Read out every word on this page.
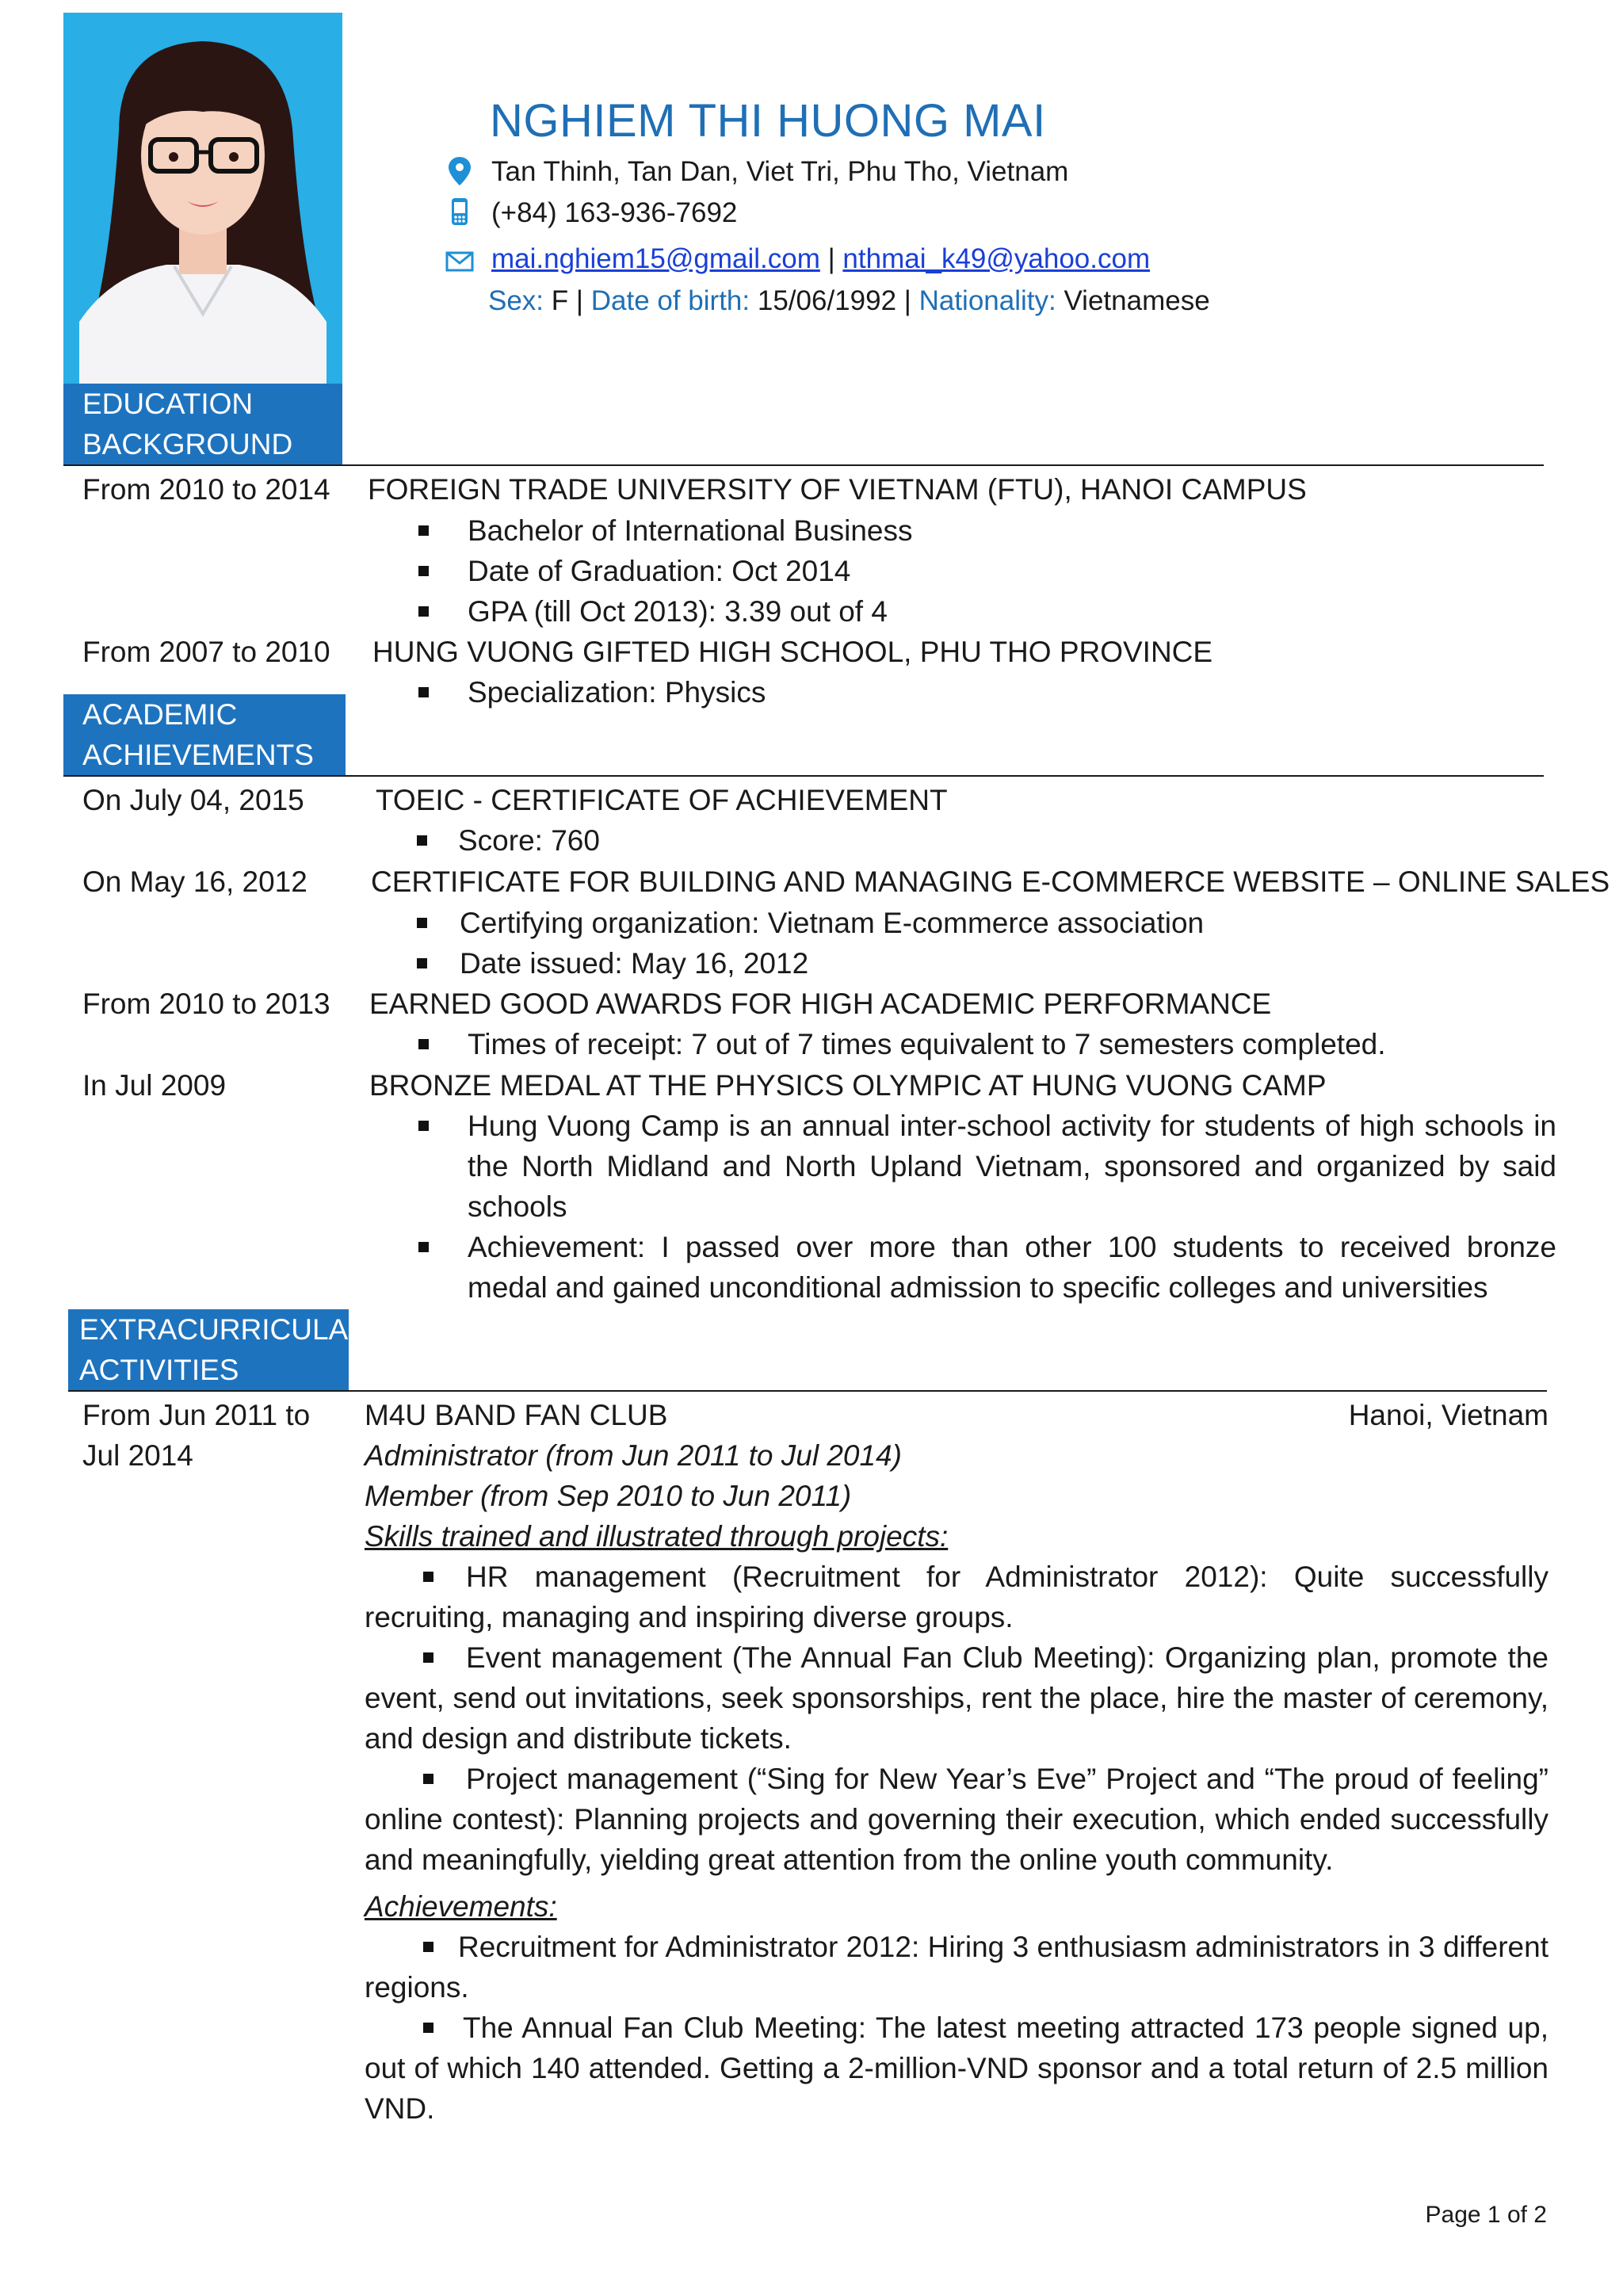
NGHIEM THI HUONG MAI
Tan Thinh, Tan Dan, Viet Tri, Phu Tho, Vietnam
(+84) 163-936-7692
mai.nghiem15@gmail.com | nthmai_k49@yahoo.com
Sex: F | Date of birth: 15/06/1992 | Nationality: Vietnamese
EDUCATION
BACKGROUND
From 2010 to 2014 FOREIGN TRADE UNIVERSITY OF VIETNAM (FTU), HANOI CAMPUS
Bachelor of International Business
Date of Graduation: Oct 2014
GPA (till Oct 2013): 3.39 out of 4
From 2007 to 2010 HUNG VUONG GIFTED HIGH SCHOOL, PHU THO PROVINCE
Specialization: Physics
ACADEMIC
ACHIEVEMENTS
On July 04, 2015 TOEIC - CERTIFICATE OF ACHIEVEMENT
Score: 760
On May 16, 2012 CERTIFICATE FOR BUILDING AND MANAGING E-COMMERCE WEBSITE – ONLINE SALES
Certifying organization: Vietnam E-commerce association
Date issued: May 16, 2012
From 2010 to 2013 EARNED GOOD AWARDS FOR HIGH ACADEMIC PERFORMANCE
Times of receipt: 7 out of 7 times equivalent to 7 semesters completed.
In Jul 2009	BRONZE MEDAL AT THE PHYSICS OLYMPIC AT HUNG VUONG CAMP
Hung Vuong Camp is an annual inter-school activity for students of high schools in the North Midland and North Upland Vietnam, sponsored and organized by said schools
Achievement: I passed over more than other 100 students to received bronze medal and gained unconditional admission to specific colleges and universities
EXTRACURRICULAR
ACTIVITIES
From Jun 2011 to
Jul 2014
M4U BAND FAN CLUB	Hanoi, Vietnam
Administrator (from Jun 2011 to Jul 2014)
Member (from Sep 2010 to Jun 2011)
Skills trained and illustrated through projects:
HR management (Recruitment for Administrator 2012): Quite successfully recruiting, managing and inspiring diverse groups.
Event management (The Annual Fan Club Meeting): Organizing plan, promote the event, send out invitations, seek sponsorships, rent the place, hire the master of ceremony, and design and distribute tickets.
Project management (“Sing for New Year’s Eve” Project and “The proud of feeling” online contest): Planning projects and governing their execution, which ended successfully and meaningfully, yielding great attention from the online youth community.
Achievements:
Recruitment for Administrator 2012: Hiring 3 enthusiasm administrators in 3 different regions.
The Annual Fan Club Meeting: The latest meeting attracted 173 people signed up, out of which 140 attended. Getting a 2-million-VND sponsor and a total return of 2.5 million VND.
Page 1 of 2
